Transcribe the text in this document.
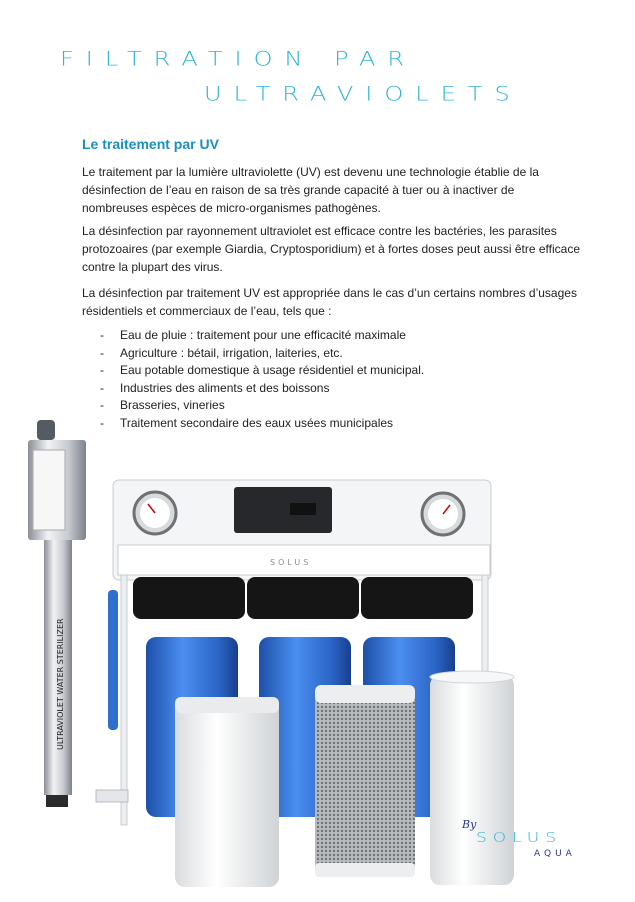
FILTRATION PAR
ULTRAVIOLETS
Le traitement par UV
Le traitement par la lumière ultraviolette (UV) est devenu une technologie établie de la désinfection de l’eau en raison de sa très grande capacité à tuer ou à inactiver de nombreuses espèces de micro-organismes pathogènes.
La désinfection par rayonnement ultraviolet est efficace contre les bactéries, les parasites protozoaires (par exemple Giardia, Cryptosporidium) et à fortes doses peut aussi être efficace contre la plupart des virus.
La désinfection par traitement UV est appropriée dans le cas d’un certains nombres d’usages résidentiels et commerciaux de l’eau, tels que :
- Eau de pluie : traitement pour une efficacité maximale
- Agriculture : bétail, irrigation, laiteries, etc.
- Eau potable domestique à usage résidentiel et municipal.
- Industries des aliments et des boissons
- Brasseries, vineries
- Traitement secondaire des eaux usées municipales
SOLUS
ULTRAVIOLET WATER STERILIZER
By
SOLUS
AQUA
